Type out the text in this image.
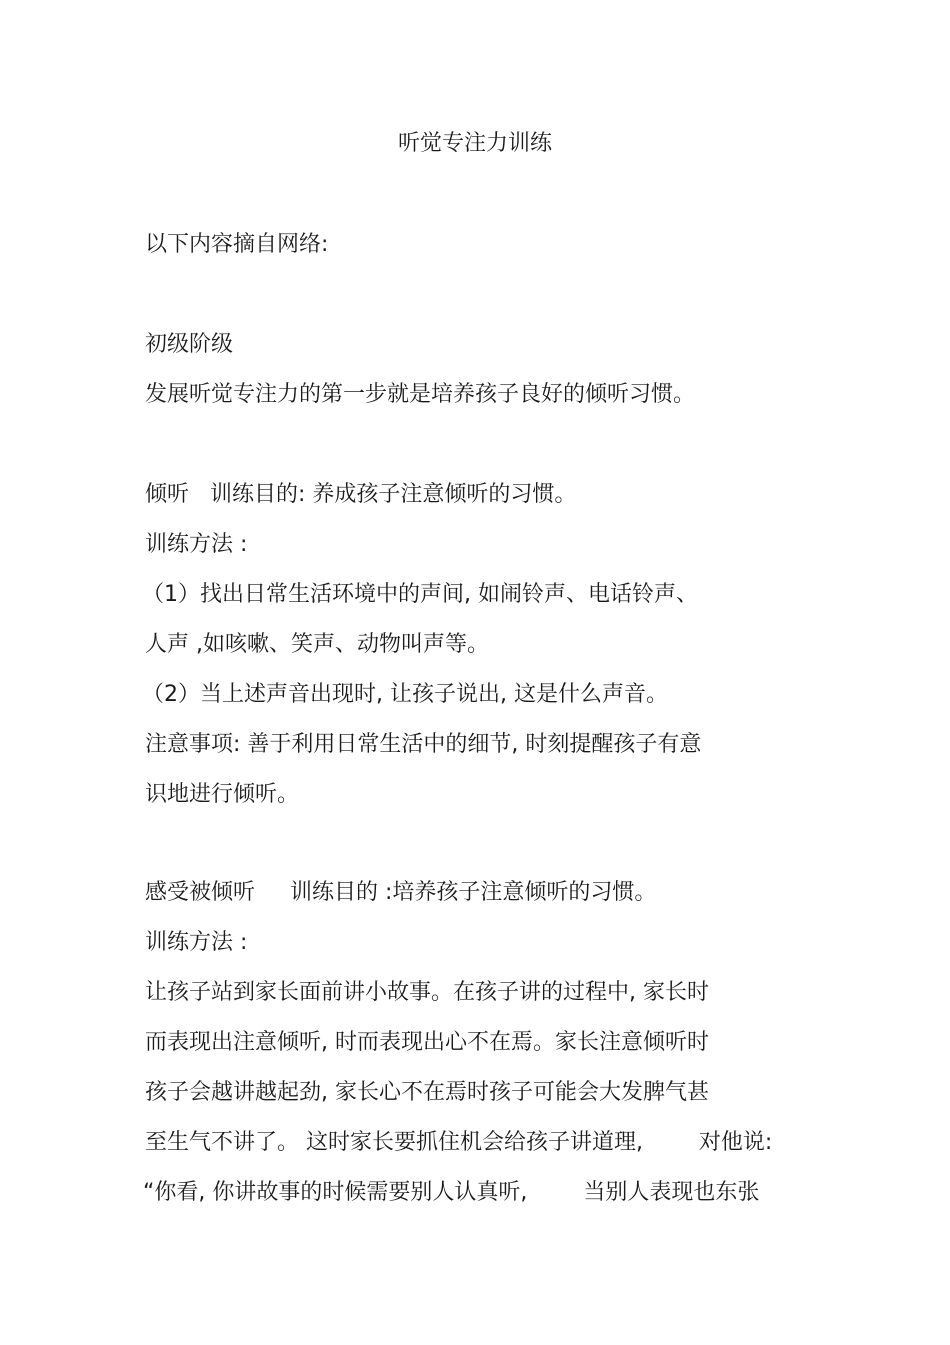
听觉专注力训练
以下内容摘自网络:
初级阶级
发展听觉专注力的第一步就是培养孩子良好的倾听习惯。
倾听   训练目的: 养成孩子注意倾听的习惯。
训练方法 :
（1）找出日常生活环境中的声间, 如闹铃声、电话铃声、
人声 ,如咳嗽、笑声、动物叫声等。
（2）当上述声音出现时, 让孩子说出, 这是什么声音。
注意事项: 善于利用日常生活中的细节, 时刻提醒孩子有意
识地进行倾听。
感受被倾听     训练目的 :培养孩子注意倾听的习惯。
训练方法 :
让孩子站到家长面前讲小故事。在孩子讲的过程中, 家长时
而表现出注意倾听, 时而表现出心不在焉。家长注意倾听时
孩子会越讲越起劲, 家长心不在焉时孩子可能会大发脾气甚
至生气不讲了。 这时家长要抓住机会给孩子讲道理,        对他说:
“你看, 你讲故事的时候需要别人认真听,        当别人表现也东张
